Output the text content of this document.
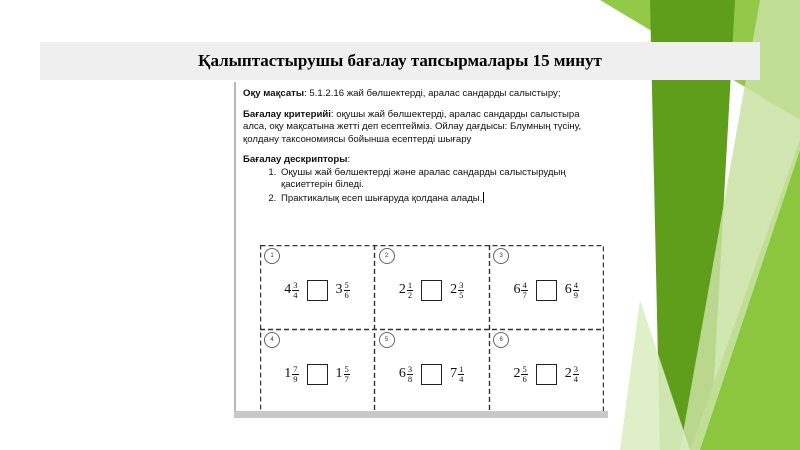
Қалыптастырушы бағалау тапсырмалары 15 минут

Оқу мақсаты: 5.1.2.16 жай бөлшектерді, аралас сандарды салыстыру;

Бағалау критерийі: оқушы жай бөлшектерді, аралас сандарды салыстыра алса, оқу мақсатына жетті деп есептейміз. Ойлау дағдысы: Блумның түсіну, қолдану таксономиясы бойынша есептерді шығару

Бағалау дескрипторы:

1. Оқушы жай бөлшектерді және аралас сандарды салыстырудың қасиеттерін біледі.
2. Практикалық есеп шығаруда қолдана алады.
1
$4 \frac{3}{4}$	$3 \frac{5}{6}$
2
$2 \frac{1}{2}$	$2 \frac{3}{5}$
3
$6 \frac{4}{7}$	$6 \frac{4}{9}$
4
$1 \frac{7}{9}$	$1 \frac{5}{7}$
5
$6 \frac{3}{8}$	$7 \frac{1}{4}$
6
$2 \frac{5}{6}$	$2 \frac{3}{4}$
